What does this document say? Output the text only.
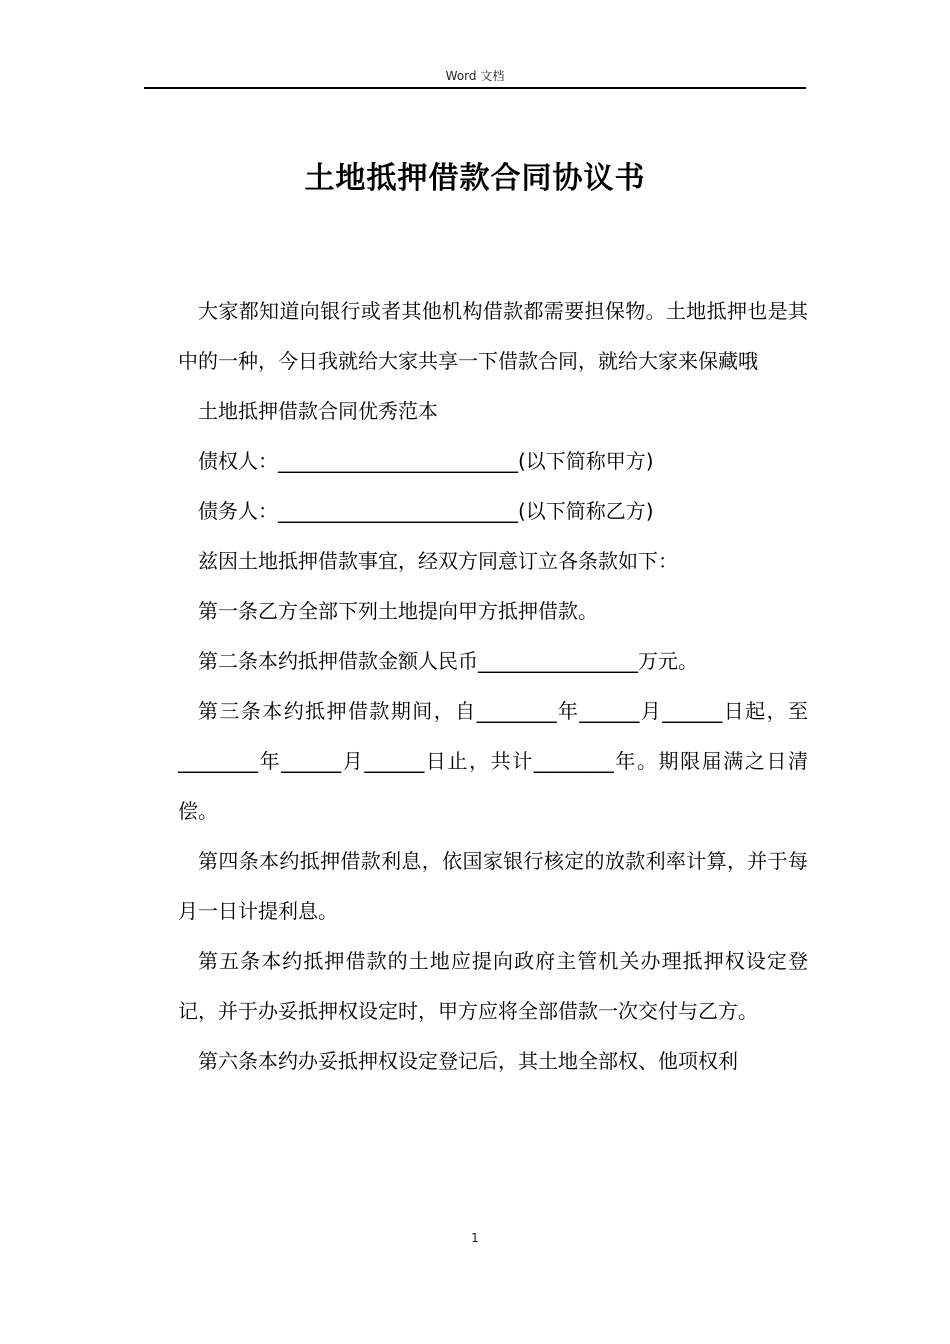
Word 文档
土地抵押借款合同协议书

大家都知道向银行或者其他机构借款都需要担保物。土地抵押也是其中的一种，今日我就给大家共享一下借款合同，就给大家来保藏哦

土地抵押借款合同优秀范本

债权人：________________________(以下简称甲方)

债务人：________________________(以下简称乙方)

兹因土地抵押借款事宜，经双方同意订立各条款如下：

第一条乙方全部下列土地提向甲方抵押借款。

第二条本约抵押借款金额人民币________________万元。

第三条本约抵押借款期间，自________年______月______日起，至________年______月______日止，共计________年。期限届满之日清偿。

第四条本约抵押借款利息，依国家银行核定的放款利率计算，并于每月一日计提利息。

第五条本约抵押借款的土地应提向政府主管机关办理抵押权设定登记，并于办妥抵押权设定时，甲方应将全部借款一次交付与乙方。

第六条本约办妥抵押权设定登记后，其土地全部权、他项权利

1
